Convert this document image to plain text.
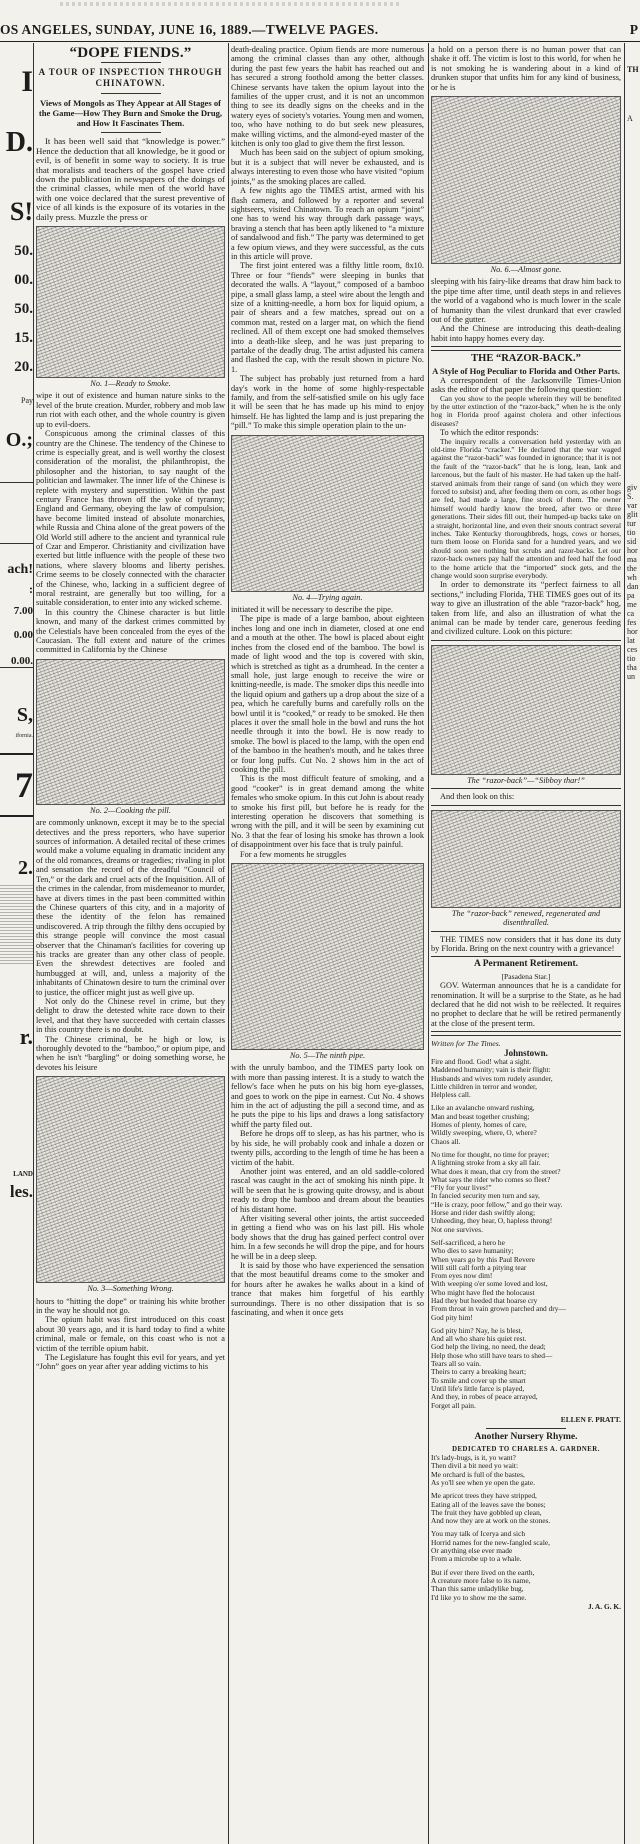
OS ANGELES, SUNDAY, JUNE 16, 1889.—TWELVE PAGES.	P
I
D.
S!
50.
00.
50.
15.
20.
Pay
O.;
ach!
:
7.00
0.00
0.00.
S,
ifornia.
7
2.
r.
LAND
les.
TH
A
giv
S.
var
glit
tur
tio
sid
hor
ma
the
wh
dan
pa
me
ca
fes
hor
lat
ces
tio
tha
un
“DOPE FIENDS.”
A TOUR OF INSPECTION THROUGH CHINATOWN.
Views of Mongols as They Appear at All Stages of the Game—How They Burn and Smoke the Drug, and How It Fascinates Them.

It has been well said that “knowledge is power.” Hence the deduction that all knowledge, be it good or evil, is of benefit in some way to society. It is true that moralists and teachers of the gospel have cried down the publication in newspapers of the doings of the criminal classes, while men of the world have with one voice declared that the surest preventive of vice of all kinds is the exposure of its votaries in the daily press. Muzzle the press or

No. 1—Ready to Smoke.

wipe it out of existence and human nature sinks to the level of the brute creation. Murder, robbery and mob law run riot with each other, and the whole country is given up to evil-doers.

Conspicuous among the criminal classes of this country are the Chinese. The tendency of the Chinese to crime is especially great, and is well worthy the closest consideration of the moralist, the philanthropist, the philosopher and the historian, to say naught of the politician and lawmaker. The inner life of the Chinese is replete with mystery and superstition. Within the past century France has thrown off the yoke of tyranny; England and Germany, obeying the law of compulsion, have become limited instead of absolute monarchies, while Russia and China alone of the great powers of the Old World still adhere to the ancient and tyrannical rule of Czar and Emperor. Christianity and civilization have exerted but little influence with the people of these two nations, where slavery blooms and liberty perishes. Crime seems to be closely connected with the character of the Chinese, who, lacking in a sufficient degree of moral restraint, are generally but too willing, for a suitable consideration, to enter into any wicked scheme.

In this country the Chinese character is but little known, and many of the darkest crimes committed by the Celestials have been concealed from the eyes of the Caucasian. The full extent and nature of the crimes committed in California by the Chinese

No. 2—Cooking the pill.

are commonly unknown, except it may be to the special detectives and the press reporters, who have superior sources of information. A detailed recital of these crimes would make a volume equaling in dramatic incident any of the old romances, dreams or tragedies; rivaling in plot and sensation the record of the dreadful “Council of Ten,” or the dark and cruel acts of the Inquisition. All of the crimes in the calendar, from misdemeanor to murder, have at divers times in the past been committed within the Chinese quarters of this city, and in a majority of these the identity of the felon has remained undiscovered. A trip through the filthy dens occupied by this strange people will convince the most casual observer that the Chinaman's facilities for covering up his tracks are greater than any other class of people. Even the shrewdest detectives are fooled and humbugged at will, and, unless a majority of the inhabitants of Chinatown desire to turn the criminal over to justice, the officer might just as well give up.

Not only do the Chinese revel in crime, but they delight to draw the detested white race down to their level, and that they have succeeded with certain classes in this country there is no doubt.

The Chinese criminal, be he high or low, is thoroughly devoted to the “bamboo,” or opium pipe, and when he isn't “bargling” or doing something worse, he devotes his leisure

No. 3—Something Wrong.

hours to “hitting the dope” or training his white brother in the way he should not go.

The opium habit was first introduced on this coast about 30 years ago, and it is hard today to find a white criminal, male or female, on this coast who is not a victim of the terrible opium habit.

The Legislature has fought this evil for years, and yet “John” goes on year after year adding victims to his

death-dealing practice. Opium fiends are more numerous among the criminal classes than any other, although during the past few years the habit has reached out and has secured a strong foothold among the better classes. Chinese servants have taken the opium layout into the families of the upper crust, and it is not an uncommon thing to see its deadly signs on the cheeks and in the watery eyes of society's votaries. Young men and women, too, who have nothing to do but seek new pleasures, make willing victims, and the almond-eyed master of the kitchen is only too glad to give them the first lesson.

Much has been said on the subject of opium smoking, but it is a subject that will never be exhausted, and is always interesting to even those who have visited “opium joints,” as the smoking places are called.

A few nights ago the TIMES artist, armed with his flash camera, and followed by a reporter and several sightseers, visited Chinatown. To reach an opium “joint” one has to wend his way through dark passage ways, braving a stench that has been aptly likened to “a mixture of sandalwood and fish.” The party was determined to get a few opium views, and they were successful, as the cuts in this article will prove.

The first joint entered was a filthy little room, 8x10. Three or four “fiends” were sleeping in bunks that decorated the walls. A “layout,” composed of a bamboo pipe, a small glass lamp, a steel wire about the length and size of a knitting-needle, a horn box for liquid opium, a pair of shears and a few matches, spread out on a common mat, rested on a larger mat, on which the fiend reclined. All of them except one had smoked themselves into a death-like sleep, and he was just preparing to partake of the deadly drug. The artist adjusted his camera and flashed the cap, with the result shown in picture No. 1.

The subject has probably just returned from a hard day's work in the home of some highly-respectable family, and from the self-satisfied smile on his ugly face it will be seen that he has made up his mind to enjoy himself. He has lighted the lamp and is just preparing the “pill.” To make this simple operation plain to the un-

No. 4—Trying again.

initiated it will be necessary to describe the pipe.

The pipe is made of a large bamboo, about eighteen inches long and one inch in diameter, closed at one end and a mouth at the other. The bowl is placed about eight inches from the closed end of the bamboo. The bowl is made of light wood and the top is covered with skin, which is stretched as tight as a drumhead. In the center a small hole, just large enough to receive the wire or knitting-needle, is made. The smoker dips this needle into the liquid opium and gathers up a drop about the size of a pea, which he carefully burns and carefully rolls on the bowl until it is “cooked,” or ready to be smoked. He then places it over the small hole in the bowl and runs the hot needle through it into the bowl. He is now ready to smoke. The bowl is placed to the lamp, with the open end of the bamboo in the heathen's mouth, and he takes three or four long puffs. Cut No. 2 shows him in the act of cooking the pill.

This is the most difficult feature of smoking, and a good “cooker” is in great demand among the white females who smoke opium. In this cut John is about ready to smoke his first pill, but before he is ready for the interesting operation he discovers that something is wrong with the pill, and it will be seen by examining cut No. 3 that the fear of losing his smoke has thrown a look of disappointment over his face that is truly painful.

For a few moments he struggles

No. 5—The ninth pipe.

with the unruly bamboo, and the TIMES party look on with more than passing interest. It is a study to watch the fellow's face when he puts on his big horn eye-glasses, and goes to work on the pipe in earnest. Cut No. 4 shows him in the act of adjusting the pill a second time, and as he puts the pipe to his lips and draws a long satisfactory whiff the party filed out.

Before he drops off to sleep, as has his partner, who is by his side, he will probably cook and inhale a dozen or twenty pills, according to the length of time he has been a victim of the habit.

Another joint was entered, and an old saddle-colored rascal was caught in the act of smoking his ninth pipe. It will be seen that he is growing quite drowsy, and is about ready to drop the bamboo and dream about the beauties of his distant home.

After visiting several other joints, the artist succeeded in getting a fiend who was on his last pill. His whole body shows that the drug has gained perfect control over him. In a few seconds he will drop the pipe, and for hours he will be in a deep sleep.

It is said by those who have experienced the sensation that the most beautiful dreams come to the smoker and for hours after he awakes he walks about in a kind of trance that makes him forgetful of his earthly surroundings. There is no other dissipation that is so fascinating, and when it once gets

a hold on a person there is no human power that can shake it off. The victim is lost to this world, for when he is not smoking he is wandering about in a kind of drunken stupor that unfits him for any kind of business, or he is

No. 6.—Almost gone.

sleeping with his fairy-like dreams that draw him back to the pipe time after time, until death steps in and relieves the world of a vagabond who is much lower in the scale of humanity than the vilest drunkard that ever crawled out of the gutter.

And the Chinese are introducing this death-dealing habit into happy homes every day.

THE “RAZOR-BACK.”
A Style of Hog Peculiar to Florida and Other Parts.

A correspondent of the Jacksonville Times-Union asks the editor of that paper the following question:

Can you show to the people wherein they will be benefited by the utter extinction of the “razor-back,” when he is the only hog in Florida proof against cholera and other infectious diseases?

To which the editor responds:

The inquiry recalls a conversation held yesterday with an old-time Florida “cracker.” He declared that the war waged against the “razor-back” was founded in ignorance; that it is not the fault of the “razor-back” that he is long, lean, lank and larcenous, but the fault of his master. He had taken up the half-starved animals from their range of sand (on which they were forced to subsist) and, after feeding them on corn, as other hogs are fed, had made a large, fine stock of them. The owner himself would hardly know the breed, after two or three generations. Their sides fill out, their humped-up backs take on a straight, horizontal line, and even their snouts contract several inches. Take Kentucky thoroughbreds, hogs, cows or horses, turn them loose on Florida sand for a hundred years, and we should soon see nothing but scrubs and razor-backs. Let our razor-back owners pay half the attention and feed half the food to the home article that the “imported” stock gets, and the change would soon surprise everybody.

In order to demonstrate its “perfect fairness to all sections,” including Florida, THE TIMES goes out of its way to give an illustration of the able “razor-back” hog, taken from life, and also an illustration of what the animal can be made by tender care, generous feeding and civilized culture. Look on this picture:

The “razor-back”—“Sibboy thar!”

And then look on this:

The “razor-back” renewed, regenerated and disenthralled.

THE TIMES now considers that it has done its duty by Florida. Bring on the next country with a grievance!

A Permanent Retirement.
[Pasadena Star.]

GOV. Waterman announces that he is a candidate for renomination. It will be a surprise to the State, as he had declared that he did not wish to be reëlected. It requires no prophet to declare that he will be retired permanently at the close of the present term.

Written for The Times.
Johnstown.
Fire and flood. God! what a sight.
Maddened humanity; vain is their flight:
Husbands and wives torn rudely asunder,
Little children in terror and wonder,
Helpless call.
Like an avalanche onward rushing,
Man and beast together crushing;
Homes of plenty, homes of care,
Wildly sweeping, where, O, where?
Chaos all.
No time for thought, no time for prayer;
A lightning stroke from a sky all fair.
What does it mean, that cry from the street?
What says the rider who comes so fleet?
“Fly for your lives!”
In fancied security men turn and say,
“He is crazy, poor fellow,” and go their way.
Horse and rider dash swiftly along;
Unheeding, they hear, O, hapless throng!
Not one survives.
Self-sacrificed, a hero he
Who dies to save humanity;
When years go by this Paul Revere
Will still call forth a pitying tear
From eyes now dim!
With weeping o'er some loved and lost,
Who might have fled the holocaust
Had they but heeded that hoarse cry
From throat in vain grown parched and dry—
God pity him!
God pity him? Nay, he is blest,
And all who share his quiet rest.
God help the living, no need, the dead;
Help those who still have tears to shed—
Tears all so vain.
Theirs to carry a breaking heart;
To smile and cover up the smart
Until life's little farce is played,
And they, in robes of peace arrayed,
Forget all pain.
ELLEN F. PRATT.
Another Nursery Rhyme.
DEDICATED TO CHARLES A. GARDNER.
It's lady-bugs, is it, yo want?
Then divil a bit need yo wait:
Me orchard is full of the bastes,
As yo'll see when ye open the gate.
Me apricot trees they have stripped,
Eating all of the leaves save the bones;
The fruit they have gobbled up clean,
And now they are at work on the stones.
You may talk of Icerya and sich
Horrid names for the new-fangled scale,
Or anything else ever made
From a microbe up to a whale.
But if ever there lived on the earth,
A creature more false to its name,
Than this same unladylike bug,
I'd like yo to show me the same.
J. A. G. K.
